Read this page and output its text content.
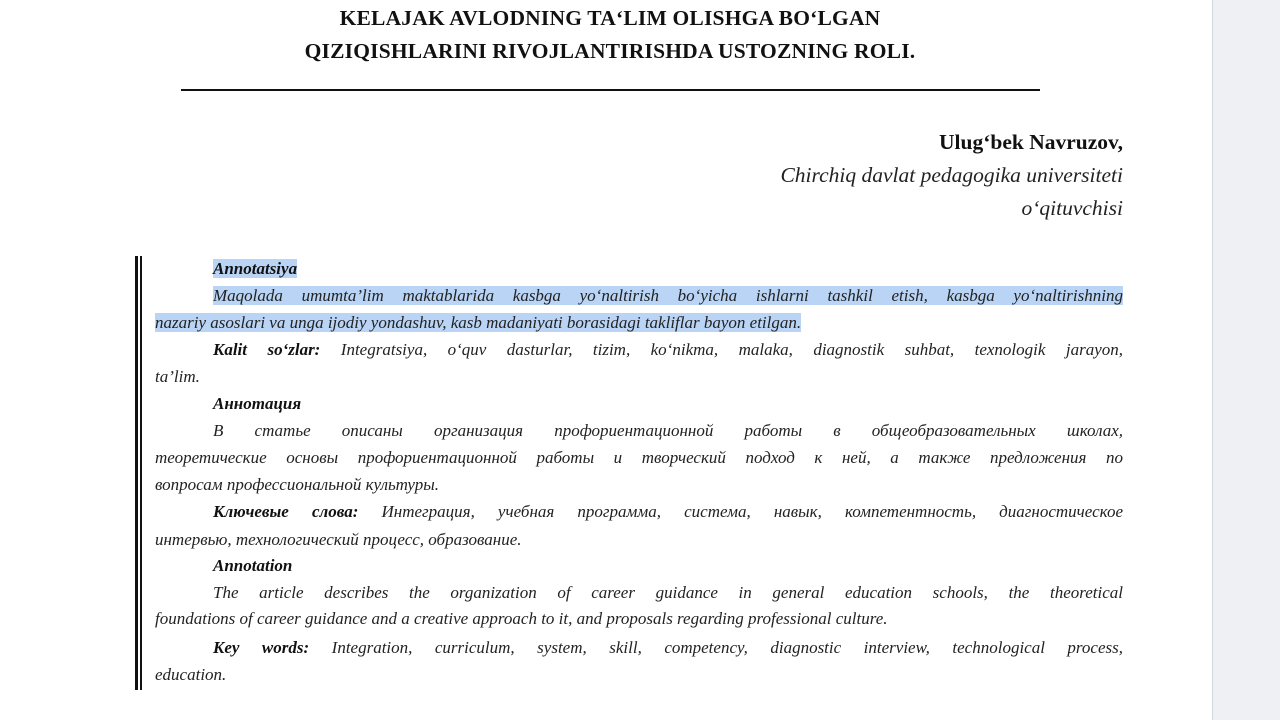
KELAJAK AVLODNING TA‘LIM OLISHGA BO‘LGAN
QIZIQISHLARINI RIVOJLANTIRISHDA USTOZNING ROLI.
Ulug‘bek Navruzov,
Chirchiq davlat pedagogika universiteti
o‘qituvchisi
Annotatsiya
Maqolada umumta’lim maktablarida kasbga yo‘naltirish bo‘yicha ishlarni tashkil etish, kasbga yo‘naltirishning
nazariy asoslari va unga ijodiy yondashuv, kasb madaniyati borasidagi takliflar bayon etilgan.
Kalit so‘zlar: Integratsiya, o‘quv dasturlar, tizim, ko‘nikma, malaka, diagnostik suhbat, texnologik jarayon,
ta’lim.
Аннотация
В статье описаны организация профориентационной работы в общеобразовательных школах,
теоретические основы профориентационной работы и творческий подход к ней, а также предложения по
вопросам профессиональной культуры.
Ключевые слова: Интеграция, учебная программа, система, навык, компетентность, диагностическое
интервью, технологический процесс, образование.
Annotation
The article describes the organization of career guidance in general education schools, the theoretical
foundations of career guidance and a creative approach to it, and proposals regarding professional culture.
Key words: Integration, curriculum, system, skill, competency, diagnostic interview, technological process,
education.
